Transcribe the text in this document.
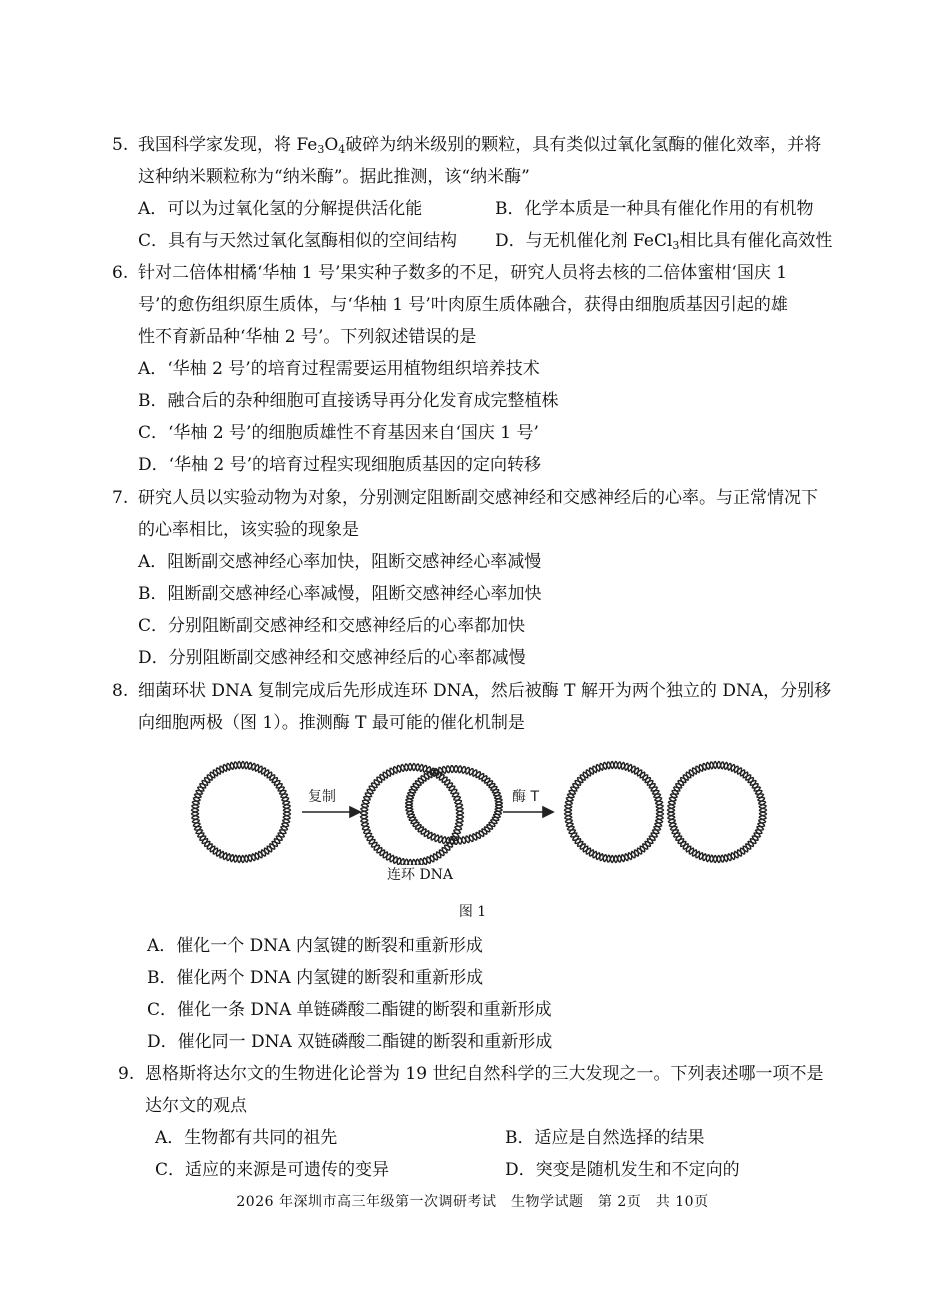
5. 我国科学家发现，将 $Fe_3O_4$破碎为纳米级别的颗粒，具有类似过氧化氢酶的催化效率，并将
这种纳米颗粒称为“纳米酶”。据此推测，该“纳米酶”
A．可以为过氧化氢的分解提供活化能	B．化学本质是一种具有催化作用的有机物
C．具有与天然过氧化氢酶相似的空间结构 D．与无机催化剂 FeCl$_3$相比具有催化高效性
6. 针对二倍体柑橘‘华柚 1 号’果实种子数多的不足，研究人员将去核的二倍体蜜柑‘国庆 1
号’的愈伤组织原生质体，与‘华柚 1 号’叶肉原生质体融合，获得由细胞质基因引起的雄
性不育新品种‘华柚 2 号’。下列叙述错误的是
A．‘华柚 2 号’的培育过程需要运用植物组织培养技术
B．融合后的杂种细胞可直接诱导再分化发育成完整植株
C．‘华柚 2 号’的细胞质雄性不育基因来自‘国庆 1 号’
D．‘华柚 2 号’的培育过程实现细胞质基因的定向转移
7. 研究人员以实验动物为对象，分别测定阻断副交感神经和交感神经后的心率。与正常情况下
的心率相比，该实验的现象是
A．阻断副交感神经心率加快，阻断交感神经心率减慢
B．阻断副交感神经心率减慢，阻断交感神经心率加快
C．分别阻断副交感神经和交感神经后的心率都加快
D．分别阻断副交感神经和交感神经后的心率都减慢
8. 细菌环状 DNA 复制完成后先形成连环 DNA，然后被酶 T 解开为两个独立的 DNA，分别移
向细胞两极（图 1）。推测酶 T 最可能的催化机制是
复制	酶 T
连环 DNA
图 1
A．催化一个 DNA 内氢键的断裂和重新形成
B．催化两个 DNA 内氢键的断裂和重新形成
C．催化一条 DNA 单链磷酸二酯键的断裂和重新形成
D．催化同一 DNA 双链磷酸二酯键的断裂和重新形成
9. 恩格斯将达尔文的生物进化论誉为 19 世纪自然科学的三大发现之一。下列表述哪一项不是
达尔文的观点
A．生物都有共同的祖先	B．适应是自然选择的结果
C．适应的来源是可遗传的变异	D．突变是随机发生和不定向的
2026 年深圳市高三年级第一次调研考试　生物学试题　第 2页　共 10页
